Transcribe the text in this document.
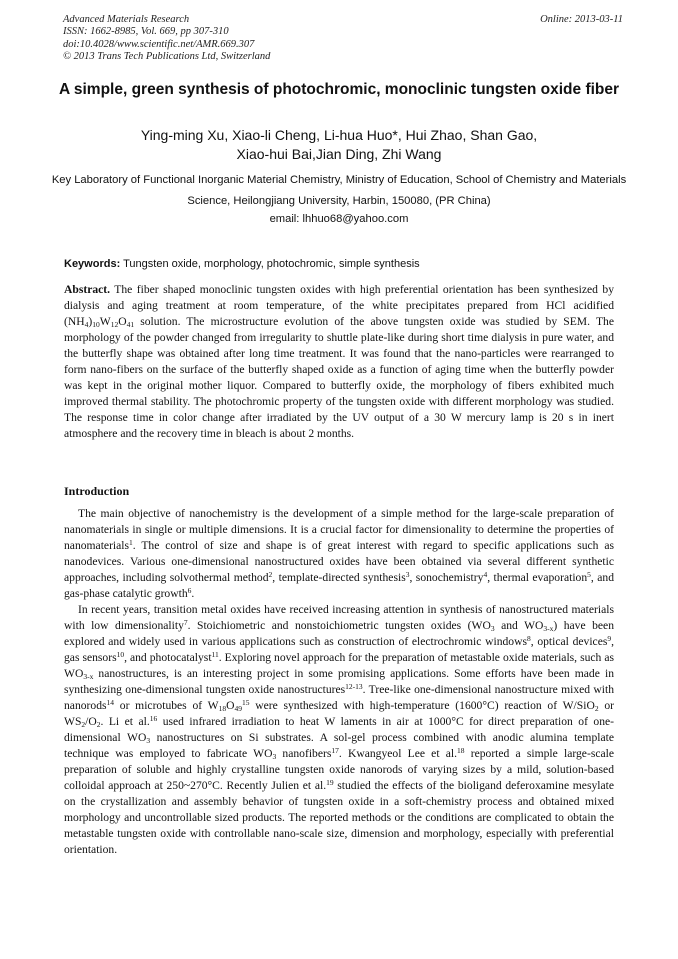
Advanced Materials Research
ISSN: 1662-8985, Vol. 669, pp 307-310
doi:10.4028/www.scientific.net/AMR.669.307
© 2013 Trans Tech Publications Ltd, Switzerland
Online: 2013-03-11
A simple, green synthesis of photochromic, monoclinic tungsten oxide fiber
Ying-ming Xu, Xiao-li Cheng, Li-hua Huo*, Hui Zhao, Shan Gao,
Xiao-hui Bai,Jian Ding, Zhi Wang
Key Laboratory of Functional Inorganic Material Chemistry, Ministry of Education, School of Chemistry and Materials Science, Heilongjiang University, Harbin, 150080, (PR China)
email: lhhuo68@yahoo.com
Keywords: Tungsten oxide, morphology, photochromic, simple synthesis
Abstract. The fiber shaped monoclinic tungsten oxides with high preferential orientation has been synthesized by dialysis and aging treatment at room temperature, of the white precipitates prepared from HCl acidified $(NH_4)_{10}W_{12}O_{41}$ solution. The microstructure evolution of the above tungsten oxide was studied by SEM. The morphology of the powder changed from irregularity to shuttle plate-like during short time dialysis in pure water, and the butterfly shape was obtained after long time treatment. It was found that the nano-particles were rearranged to form nano-fibers on the surface of the butterfly shaped oxide as a function of aging time when the butterfly powder was kept in the original mother liquor. Compared to butterfly oxide, the morphology of fibers exhibited much improved thermal stability. The photochromic property of the tungsten oxide with different morphology was studied. The response time in color change after irradiated by the UV output of a 30 W mercury lamp is 20 s in inert atmosphere and the recovery time in bleach is about 2 months.
Introduction

The main objective of nanochemistry is the development of a simple method for the large-scale preparation of nanomaterials in single or multiple dimensions. It is a crucial factor for dimensionality to determine the properties of nanomaterials$^1$. The control of size and shape is of great interest with regard to specific applications such as nanodevices. Various one-dimensional nanostructured oxides have been obtained via several different synthetic approaches, including solvothermal method$^2$, template-directed synthesis$^3$, sonochemistry$^4$, thermal evaporation$^5$, and gas-phase catalytic growth$^6$.

In recent years, transition metal oxides have received increasing attention in synthesis of nanostructured materials with low dimensionality$^7$. Stoichiometric and nonstoichiometric tungsten oxides ($WO_3$ and $WO_{3-x}$) have been explored and widely used in various applications such as construction of electrochromic windows$^8$, optical devices$^9$, gas sensors$^{10}$, and photocatalyst$^{11}$. Exploring novel approach for the preparation of metastable oxide materials, such as $WO_{3-x}$ nanostructures, is an interesting project in some promising applications. Some efforts have been made in synthesizing one-dimensional tungsten oxide nanostructures$^{12-13}$. Tree-like one-dimensional nanostructure mixed with nanorods$^{14}$ or microtubes of $W_{18}O_{49}^{15}$ were synthesized with high-temperature (1600°C) reaction of W/SiO$_2$ or $WS_2/O_2$. Li et al.$^{16}$ used infrared irradiation to heat W laments in air at 1000°C for direct preparation of one-dimensional $WO_3$ nanostructures on Si substrates. A sol-gel process combined with anodic alumina template technique was employed to fabricate $WO_3$ nanofibers$^{17}$. Kwangyeol Lee et al.$^{18}$ reported a simple large-scale preparation of soluble and highly crystalline tungsten oxide nanorods of varying sizes by a mild, solution-based colloidal approach at 250~270°C. Recently Julien et al.$^{19}$ studied the effects of the bioligand deferoxamine mesylate on the crystallization and assembly behavior of tungsten oxide in a soft-chemistry process and obtained mixed morphology and uncontrollable sized products. The reported methods or the conditions are complicated to obtain the metastable tungsten oxide with controllable nano-scale size, dimension and morphology, especially with preferential orientation.
